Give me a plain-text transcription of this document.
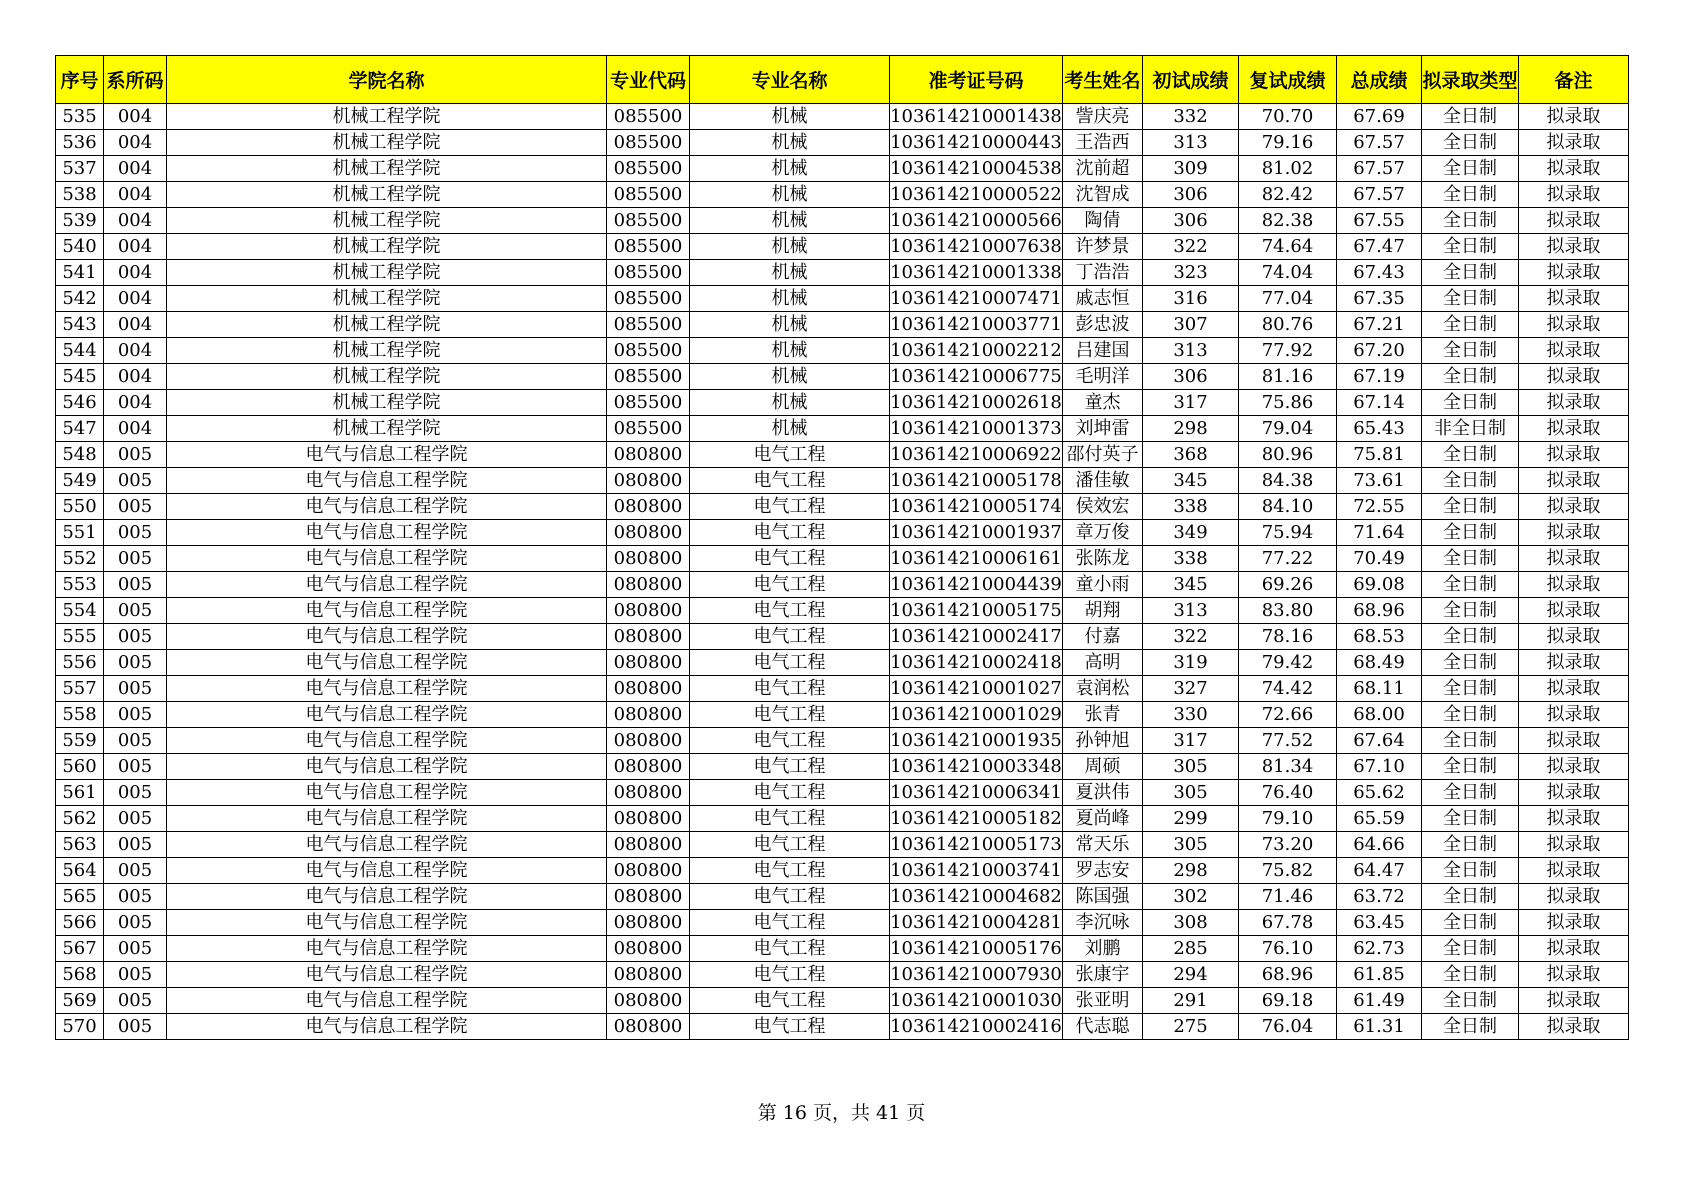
序号	系所码	学院名称	专业代码	专业名称	准考证号码	考生姓名	初试成绩	复试成绩	总成绩	拟录取类型	备注
535	004	机械工程学院	085500	机械	103614210001438	訾庆亮	332	70.70	67.69	全日制	拟录取
536	004	机械工程学院	085500	机械	103614210000443	王浩西	313	79.16	67.57	全日制	拟录取
537	004	机械工程学院	085500	机械	103614210004538	沈前超	309	81.02	67.57	全日制	拟录取
538	004	机械工程学院	085500	机械	103614210000522	沈智成	306	82.42	67.57	全日制	拟录取
539	004	机械工程学院	085500	机械	103614210000566	陶倩	306	82.38	67.55	全日制	拟录取
540	004	机械工程学院	085500	机械	103614210007638	许梦景	322	74.64	67.47	全日制	拟录取
541	004	机械工程学院	085500	机械	103614210001338	丁浩浩	323	74.04	67.43	全日制	拟录取
542	004	机械工程学院	085500	机械	103614210007471	戚志恒	316	77.04	67.35	全日制	拟录取
543	004	机械工程学院	085500	机械	103614210003771	彭忠波	307	80.76	67.21	全日制	拟录取
544	004	机械工程学院	085500	机械	103614210002212	吕建国	313	77.92	67.20	全日制	拟录取
545	004	机械工程学院	085500	机械	103614210006775	毛明洋	306	81.16	67.19	全日制	拟录取
546	004	机械工程学院	085500	机械	103614210002618	童杰	317	75.86	67.14	全日制	拟录取
547	004	机械工程学院	085500	机械	103614210001373	刘坤雷	298	79.04	65.43	非全日制	拟录取
548	005	电气与信息工程学院	080800	电气工程	103614210006922	邵付英子	368	80.96	75.81	全日制	拟录取
549	005	电气与信息工程学院	080800	电气工程	103614210005178	潘佳敏	345	84.38	73.61	全日制	拟录取
550	005	电气与信息工程学院	080800	电气工程	103614210005174	侯效宏	338	84.10	72.55	全日制	拟录取
551	005	电气与信息工程学院	080800	电气工程	103614210001937	章万俊	349	75.94	71.64	全日制	拟录取
552	005	电气与信息工程学院	080800	电气工程	103614210006161	张陈龙	338	77.22	70.49	全日制	拟录取
553	005	电气与信息工程学院	080800	电气工程	103614210004439	童小雨	345	69.26	69.08	全日制	拟录取
554	005	电气与信息工程学院	080800	电气工程	103614210005175	胡翔	313	83.80	68.96	全日制	拟录取
555	005	电气与信息工程学院	080800	电气工程	103614210002417	付嘉	322	78.16	68.53	全日制	拟录取
556	005	电气与信息工程学院	080800	电气工程	103614210002418	高明	319	79.42	68.49	全日制	拟录取
557	005	电气与信息工程学院	080800	电气工程	103614210001027	袁润松	327	74.42	68.11	全日制	拟录取
558	005	电气与信息工程学院	080800	电气工程	103614210001029	张青	330	72.66	68.00	全日制	拟录取
559	005	电气与信息工程学院	080800	电气工程	103614210001935	孙钟旭	317	77.52	67.64	全日制	拟录取
560	005	电气与信息工程学院	080800	电气工程	103614210003348	周硕	305	81.34	67.10	全日制	拟录取
561	005	电气与信息工程学院	080800	电气工程	103614210006341	夏洪伟	305	76.40	65.62	全日制	拟录取
562	005	电气与信息工程学院	080800	电气工程	103614210005182	夏尚峰	299	79.10	65.59	全日制	拟录取
563	005	电气与信息工程学院	080800	电气工程	103614210005173	常天乐	305	73.20	64.66	全日制	拟录取
564	005	电气与信息工程学院	080800	电气工程	103614210003741	罗志安	298	75.82	64.47	全日制	拟录取
565	005	电气与信息工程学院	080800	电气工程	103614210004682	陈国强	302	71.46	63.72	全日制	拟录取
566	005	电气与信息工程学院	080800	电气工程	103614210004281	李沉咏	308	67.78	63.45	全日制	拟录取
567	005	电气与信息工程学院	080800	电气工程	103614210005176	刘鹏	285	76.10	62.73	全日制	拟录取
568	005	电气与信息工程学院	080800	电气工程	103614210007930	张康宇	294	68.96	61.85	全日制	拟录取
569	005	电气与信息工程学院	080800	电气工程	103614210001030	张亚明	291	69.18	61.49	全日制	拟录取
570	005	电气与信息工程学院	080800	电气工程	103614210002416	代志聪	275	76.04	61.31	全日制	拟录取
第 16 页，共 41 页
